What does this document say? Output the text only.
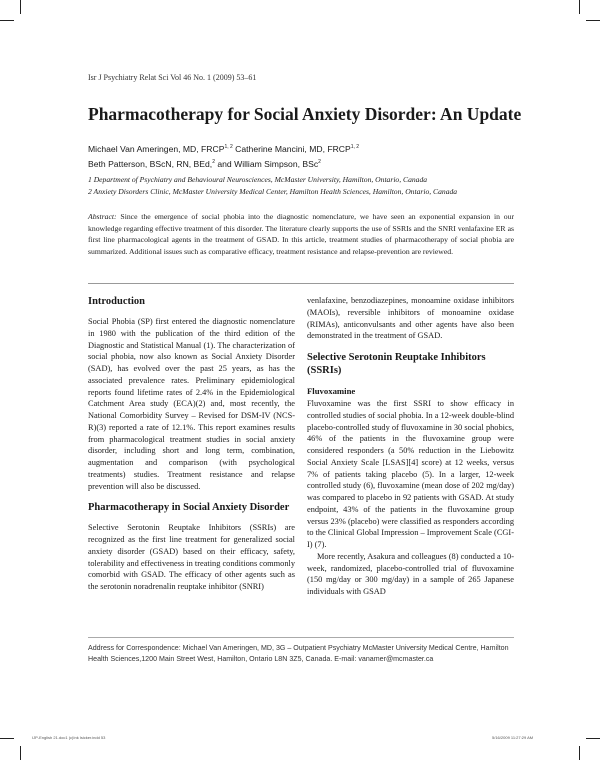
Isr J Psychiatry Relat Sci Vol 46 No. 1 (2009) 53–61
Pharmacotherapy for Social Anxiety Disorder: An Update
Michael Van Ameringen, MD, FRCP$^{1, 2}$ Catherine Mancini, MD, FRCP$^{1, 2}$
Beth Patterson, BScN, RN, BEd,$^2$ and William Simpson, BSc$^2$
1 Department of Psychiatry and Behavioural Neurosciences, McMaster University, Hamilton, Ontario, Canada
2 Anxiety Disorders Clinic, McMaster University Medical Center, Hamilton Health Sciences, Hamilton, Ontario, Canada
Abstract: Since the emergence of social phobia into the diagnostic nomenclature, we have seen an exponential expansion in our knowledge regarding effective treatment of this disorder. The literature clearly supports the use of SSRIs and the SNRI venlafaxine ER as first line pharmacological agents in the treatment of GSAD. In this article, treatment studies of pharmacotherapy of social phobia are summarized. Additional issues such as comparative efficacy, treatment resistance and relapse-prevention are reviewed.
Introduction

Social Phobia (SP) first entered the diagnostic nomenclature in 1980 with the publication of the third edition of the Diagnostic and Statistical Manual (1). The characterization of social phobia, now also known as Social Anxiety Disorder (SAD), has evolved over the past 25 years, as has the associated prevalence rates. Preliminary epidemiological reports found lifetime rates of 2.4% in the Epidemiological Catchment Area study (ECA)(2) and, most recently, the National Comorbidity Survey – Revised for DSM-IV (NCS-R)(3) reported a rate of 12.1%. This report examines results from pharmacological treatment studies in social anxiety disorder, including short and long term, combination, augmentation and comparison (with psychological treatments) studies. Treatment resistance and relapse prevention will also be discussed.

Pharmacotherapy in Social Anxiety Disorder

Selective Serotonin Reuptake Inhibitors (SSRIs) are recognized as the first line treatment for generalized social anxiety disorder (GSAD) based on their efficacy, safety, tolerability and effectiveness in treating conditions commonly comorbid with GSAD. The efficacy of other agents such as the serotonin noradrenalin reuptake inhibitor (SNRI)

venlafaxine, benzodiazepines, monoamine oxidase inhibitors (MAOIs), reversible inhibitors of monoamine oxidase (RIMAs), anticonvulsants and other agents have also been demonstrated in the treatment of GSAD.

Selective Serotonin Reuptake Inhibitors (SSRIs)
Fluvoxamine

Fluvoxamine was the first SSRI to show efficacy in controlled studies of social phobia. In a 12-week double-blind placebo-controlled study of fluvoxamine in 30 social phobics, 46% of the patients in the fluvoxamine group were considered responders (a 50% reduction in the Liebowitz Social Anxiety Scale [LSAS][4] score) at 12 weeks, versus 7% of patients taking placebo (5). In a larger, 12-week controlled study (6), fluvoxamine (mean dose of 202 mg/day) was compared to placebo in 92 patients with GSAD. At study endpoint, 43% of the patients in the fluvoxamine group versus 23% (placebo) were classified as responders according to the Clinical Global Impression – Improvement Scale (CGI-I) (7).

More recently, Asakura and colleagues (8) conducted a 10-week, randomized, placebo-controlled trial of fluvoxamine (150 mg/day or 300 mg/day) in a sample of 265 Japanese individuals with GSAD

Address for Correspondence: Michael Van Ameringen, MD, 3G – Outpatient Psychiatry McMaster University Medical Centre, Hamilton Health Sciences,1200 Main Street West, Hamilton, Ontario L8N 3Z5, Canada. E-mail: vanamer@mcmaster.ca
IJP-English 21.doc1 (c)Ink Isicker.indd 53	5/16/2009 11:27:29 AM
